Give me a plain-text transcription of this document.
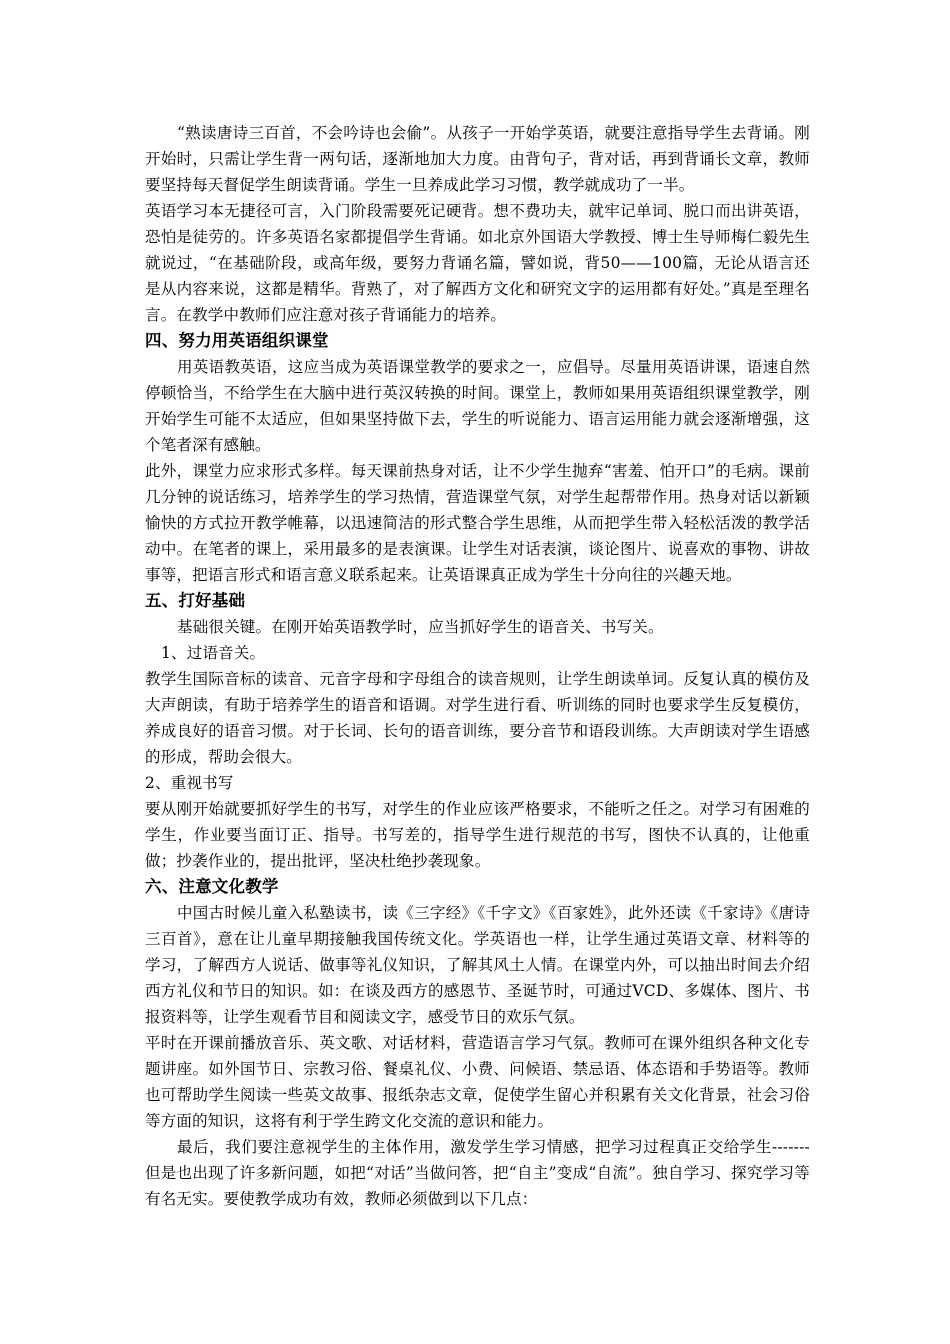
“熟读唐诗三百首，不会吟诗也会偷”。从孩子一开始学英语，就要注意指导学生去背诵。刚开始时，只需让学生背一两句话，逐渐地加大力度。由背句子，背对话，再到背诵长文章，教师要坚持每天督促学生朗读背诵。学生一旦养成此学习习惯，教学就成功了一半。

英语学习本无捷径可言，入门阶段需要死记硬背。想不费功夫，就牢记单词、脱口而出讲英语，恐怕是徒劳的。许多英语名家都提倡学生背诵。如北京外国语大学教授、博士生导师梅仁毅先生就说过，“在基础阶段，或高年级，要努力背诵名篇，譬如说，背50——100篇，无论从语言还是从内容来说，这都是精华。背熟了，对了解西方文化和研究文字的运用都有好处。”真是至理名言。在教学中教师们应注意对孩子背诵能力的培养。

四、努力用英语组织课堂

用英语教英语，这应当成为英语课堂教学的要求之一，应倡导。尽量用英语讲课，语速自然停顿恰当，不给学生在大脑中进行英汉转换的时间。课堂上，教师如果用英语组织课堂教学，刚开始学生可能不太适应，但如果坚持做下去，学生的听说能力、语言运用能力就会逐渐增强，这个笔者深有感触。

此外，课堂力应求形式多样。每天课前热身对话，让不少学生抛弃“害羞、怕开口”的毛病。课前几分钟的说话练习，培养学生的学习热情，营造课堂气氛，对学生起帮带作用。热身对话以新颖愉快的方式拉开教学帷幕，以迅速简洁的形式整合学生思维，从而把学生带入轻松活泼的教学活动中。在笔者的课上，采用最多的是表演课。让学生对话表演，谈论图片、说喜欢的事物、讲故事等，把语言形式和语言意义联系起来。让英语课真正成为学生十分向往的兴趣天地。

五、打好基础

基础很关键。在刚开始英语教学时，应当抓好学生的语音关、书写关。

1、过语音关。

教学生国际音标的读音、元音字母和字母组合的读音规则，让学生朗读单词。反复认真的模仿及大声朗读，有助于培养学生的语音和语调。对学生进行看、听训练的同时也要求学生反复模仿，养成良好的语音习惯。对于长词、长句的语音训练，要分音节和语段训练。大声朗读对学生语感的形成，帮助会很大。

2、重视书写

要从刚开始就要抓好学生的书写，对学生的作业应该严格要求，不能听之任之。对学习有困难的学生，作业要当面订正、指导。书写差的，指导学生进行规范的书写，图快不认真的，让他重做；抄袭作业的，提出批评，坚决杜绝抄袭现象。

六、注意文化教学

中国古时候儿童入私塾读书，读《三字经》《千字文》《百家姓》，此外还读《千家诗》《唐诗三百首》，意在让儿童早期接触我国传统文化。学英语也一样，让学生通过英语文章、材料等的学习，了解西方人说话、做事等礼仪知识，了解其风土人情。在课堂内外，可以抽出时间去介绍西方礼仪和节日的知识。如：在谈及西方的感恩节、圣诞节时，可通过VCD、多媒体、图片、书报资料等，让学生观看节目和阅读文字，感受节日的欢乐气氛。

平时在开课前播放音乐、英文歌、对话材料，营造语言学习气氛。教师可在课外组织各种文化专题讲座。如外国节日、宗教习俗、餐桌礼仪、小费、问候语、禁忌语、体态语和手势语等。教师也可帮助学生阅读一些英文故事、报纸杂志文章，促使学生留心并积累有关文化背景，社会习俗等方面的知识，这将有利于学生跨文化交流的意识和能力。

最后，我们要注意视学生的主体作用，激发学生学习情感，把学习过程真正交给学生-------但是也出现了许多新问题，如把“对话”当做问答，把“自主”变成“自流”。独自学习、探究学习等有名无实。要使教学成功有效，教师必须做到以下几点：
